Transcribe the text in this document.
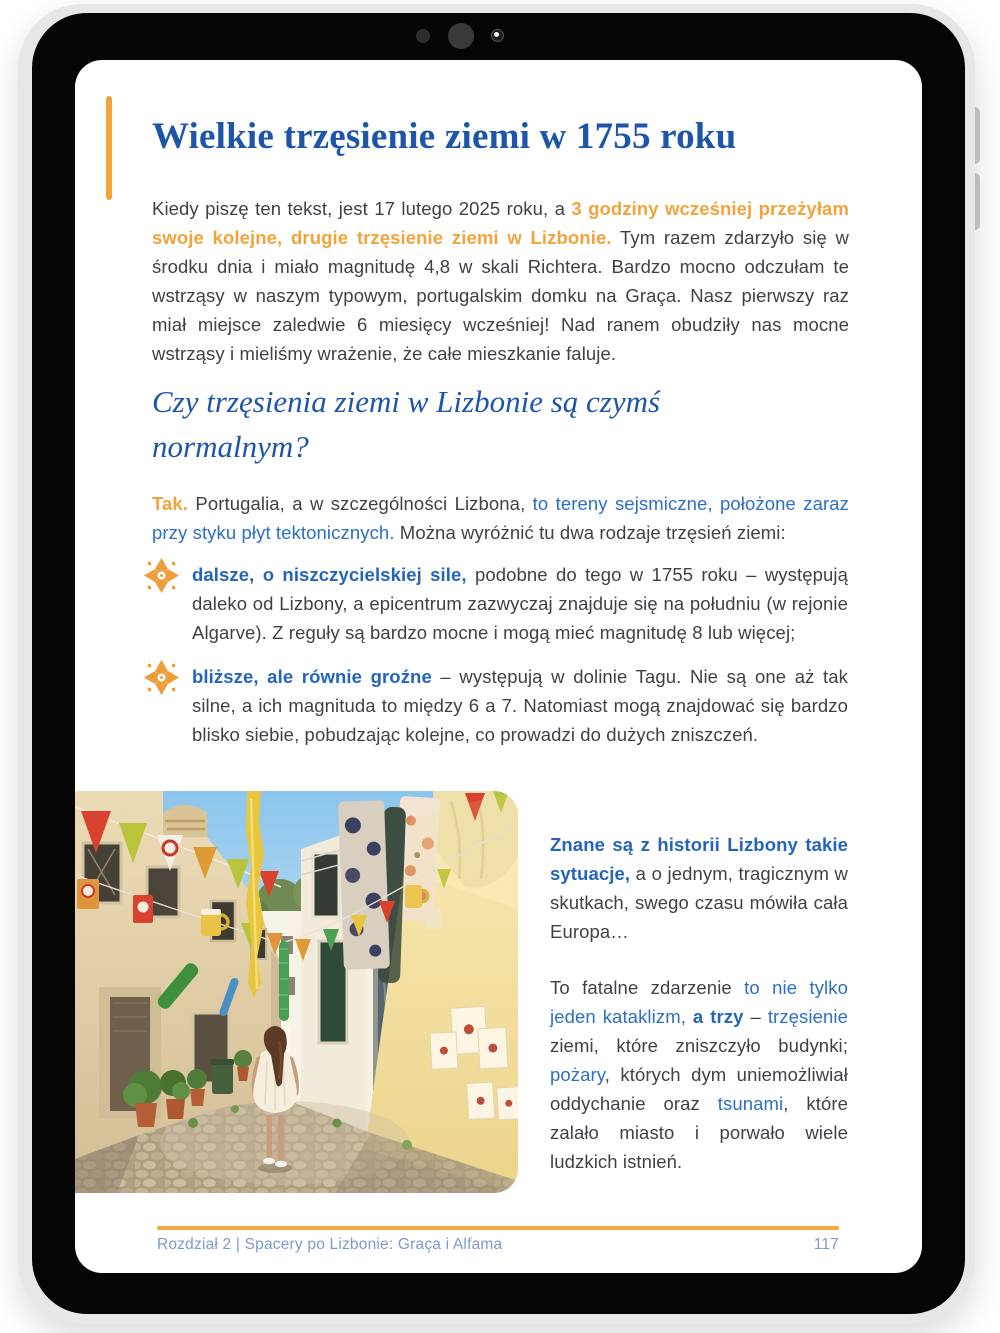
Wielkie trzęsienie ziemi w 1755 roku

Kiedy piszę ten tekst, jest 17 lutego 2025 roku, a 3 godziny wcześniej przeżyłam swoje kolejne, drugie trzęsienie ziemi w Lizbonie. Tym razem zdarzyło się w środku dnia i miało magnitudę 4,8 w skali Richtera. Bardzo mocno odczułam te wstrząsy w naszym typowym, portugalskim domku na Graça. Nasz pierwszy raz miał miejsce zaledwie 6 miesięcy wcześniej! Nad ranem obudziły nas mocne wstrząsy i mieliśmy wrażenie, że całe mieszkanie faluje.

Czy trzęsienia ziemi w Lizbonie są czymś normalnym?

Tak. Portugalia, a w szczególności Lizbona, to tereny sejsmiczne, położone zaraz przy styku płyt tektonicznych. Można wyróżnić tu dwa rodzaje trzęsień ziemi:

dalsze, o niszczycielskiej sile, podobne do tego w 1755 roku – występują daleko od Lizbony, a epicentrum zazwyczaj znajduje się na południu (w rejonie Algarve). Z reguły są bardzo mocne i mogą mieć magnitudę 8 lub więcej;
bliższe, ale równie groźne – występują w dolinie Tagu. Nie są one aż tak silne, a ich magnituda to między 6 a 7. Natomiast mogą znajdować się bardzo blisko siebie, pobudzając kolejne, co prowadzi do dużych zniszczeń.

Znane są z historii Lizbony takie sytuacje, a o jednym, tragicznym w skutkach, swego czasu mówiła cała Europa…

To fatalne zdarzenie to nie tylko jeden kataklizm, a trzy – trzęsienie ziemi, które zniszczyło budynki; pożary, których dym uniemożliwiał oddychanie oraz tsunami, które zalało miasto i porwało wiele ludzkich istnień.

Rozdział 2 | Spacery po Lizbonie: Graça i Alfama	117
